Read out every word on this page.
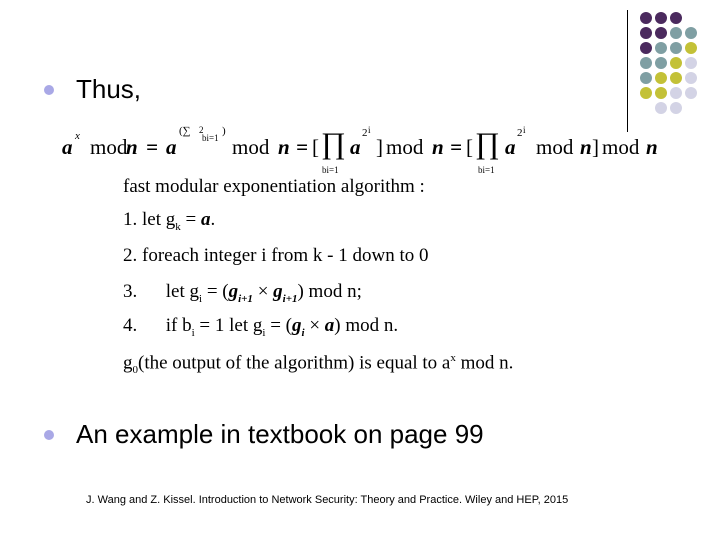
Thus,
a x mod
n = a
(∑ 2
bi=1
)
mod n = [ ∏ a
2 i
] mod n = [ ∏ a
2 i
mod n ] mod n
bi=1	bi=1
fast modular exponentiation algorithm :
1. let $g_k = a$.
2. foreach integer i from k - 1 down to 0
3. let $g_i = (g_{i+1} \times g_{i+1})$ mod n;
4. if $b_i = 1$ let $g_i = (g_i \times a)$ mod n.
$g_0(the$ output of the algorithm) is equal to $a^x$ mod n.
An example in textbook on page 99
J. Wang and Z. Kissel. Introduction to Network Security: Theory and Practice. Wiley and HEP, 2015
